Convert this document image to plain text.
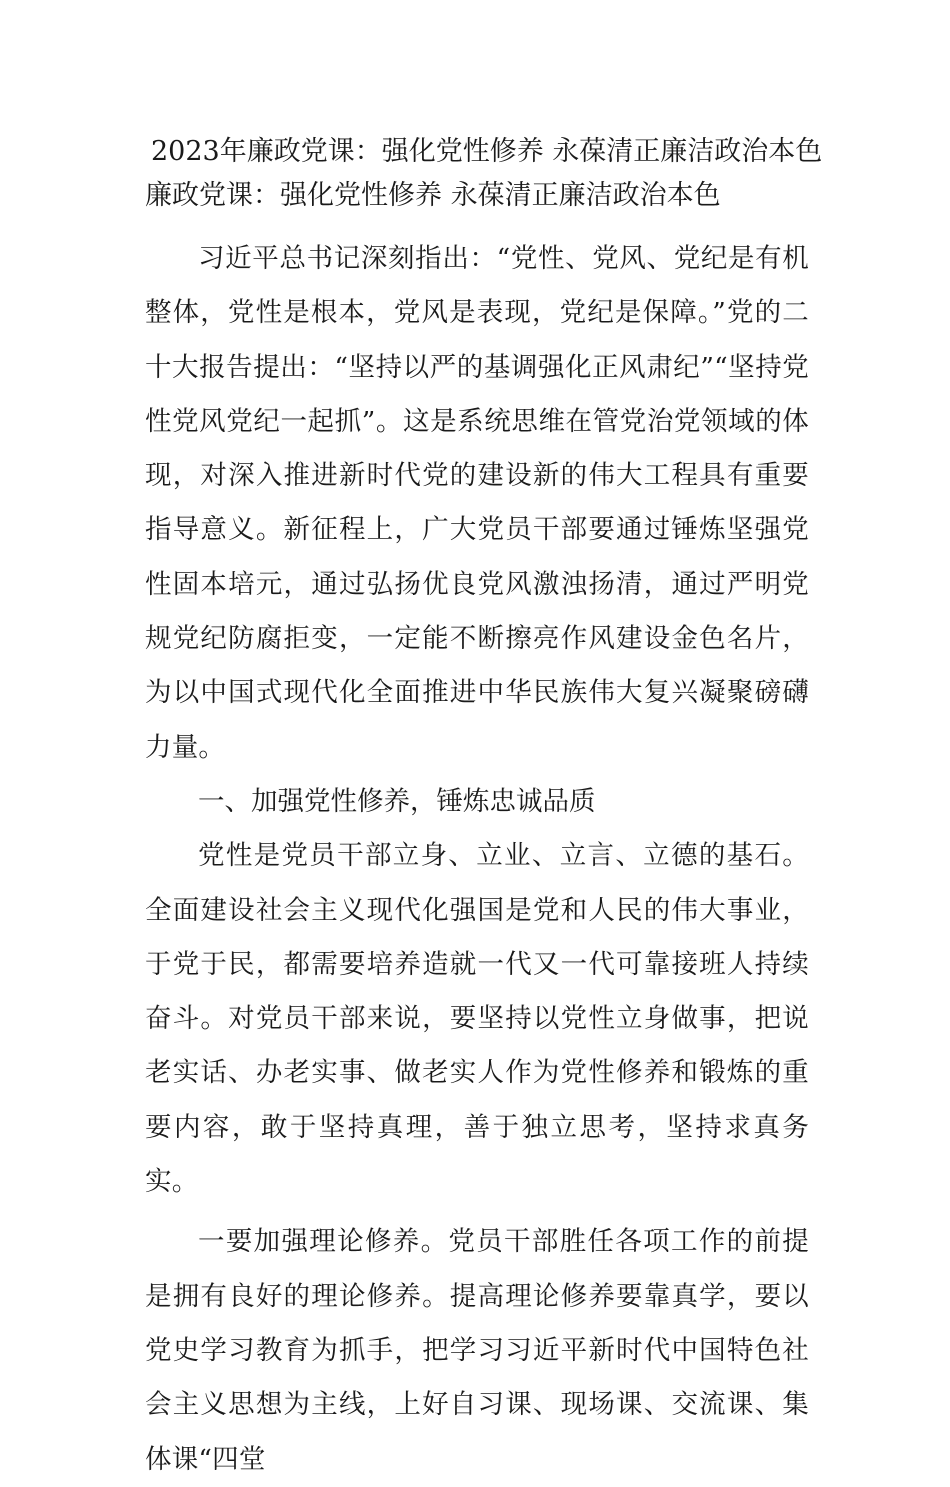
2023年廉政党课：强化党性修养 永葆清正廉洁政治本色
廉政党课：强化党性修养 永葆清正廉洁政治本色

习近平总书记深刻指出：“党性、党风、党纪是有机整体，党性是根本，党风是表现，党纪是保障。”党的二十大报告提出：“坚持以严的基调强化正风肃纪”“坚持党性党风党纪一起抓”。这是系统思维在管党治党领域的体现，对深入推进新时代党的建设新的伟大工程具有重要指导意义。新征程上，广大党员干部要通过锤炼坚强党性固本培元，通过弘扬优良党风激浊扬清，通过严明党规党纪防腐拒变，一定能不断擦亮作风建设金色名片，为以中国式现代化全面推进中华民族伟大复兴凝聚磅礴力量。

一、加强党性修养，锤炼忠诚品质

党性是党员干部立身、立业、立言、立德的基石。全面建设社会主义现代化强国是党和人民的伟大事业，于党于民，都需要培养造就一代又一代可靠接班人持续奋斗。对党员干部来说，要坚持以党性立身做事，把说老实话、办老实事、做老实人作为党性修养和锻炼的重要内容，敢于坚持真理，善于独立思考，坚持求真务实。

一要加强理论修养。党员干部胜任各项工作的前提是拥有良好的理论修养。提高理论修养要靠真学，要以党史学习教育为抓手，把学习习近平新时代中国特色社会主义思想为主线，上好自习课、现场课、交流课、集体课“四堂
